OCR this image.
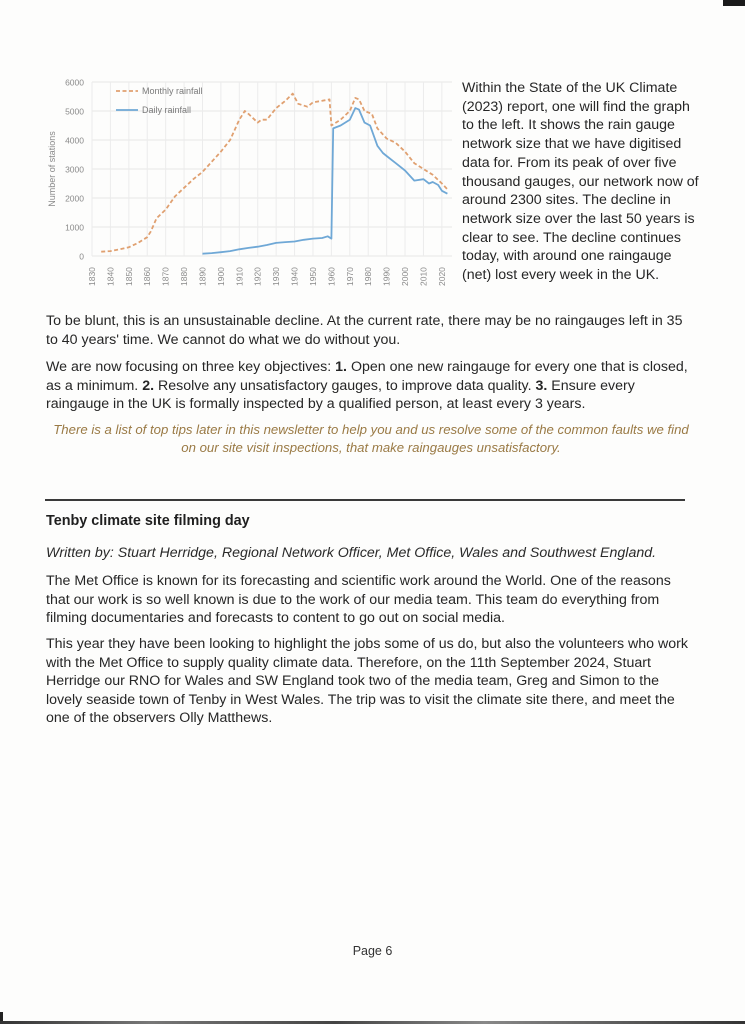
0
1000
2000
3000
4000
5000
6000
1830 1840 1850 1860 1870 1880 1890 1900 1910 1920 1930 1940 1950 1960 1970 1980 1990 2000 2010 2020
Number of stations
Monthly rainfall
Daily rainfall
Within the State of the UK Climate (2023) report, one will find the graph to the left. It shows the rain gauge network size that we have digitised data for. From its peak of over five thousand gauges, our network now of around 2300 sites. The decline in network size over the last 50 years is clear to see. The decline continues today, with around one raingauge (net) lost every week in the UK.
To be blunt, this is an unsustainable decline. At the current rate, there may be no raingauges left in 35 to 40 years' time. We cannot do what we do without you.
We are now focusing on three key objectives: 1. Open one new raingauge for every one that is closed, as a minimum. 2. Resolve any unsatisfactory gauges, to improve data quality. 3. Ensure every raingauge in the UK is formally inspected by a qualified person, at least every 3 years.
There is a list of top tips later in this newsletter to help you and us resolve some of the common faults we find on our site visit inspections, that make raingauges unsatisfactory.
Tenby climate site filming day
Written by: Stuart Herridge, Regional Network Officer, Met Office, Wales and Southwest England.
The Met Office is known for its forecasting and scientific work around the World. One of the reasons that our work is so well known is due to the work of our media team. This team do everything from filming documentaries and forecasts to content to go out on social media.
This year they have been looking to highlight the jobs some of us do, but also the volunteers who work with the Met Office to supply quality climate data. Therefore, on the 11th September 2024, Stuart Herridge our RNO for Wales and SW England took two of the media team, Greg and Simon to the lovely seaside town of Tenby in West Wales. The trip was to visit the climate site there, and meet the one of the observers Olly Matthews.
Page 6
